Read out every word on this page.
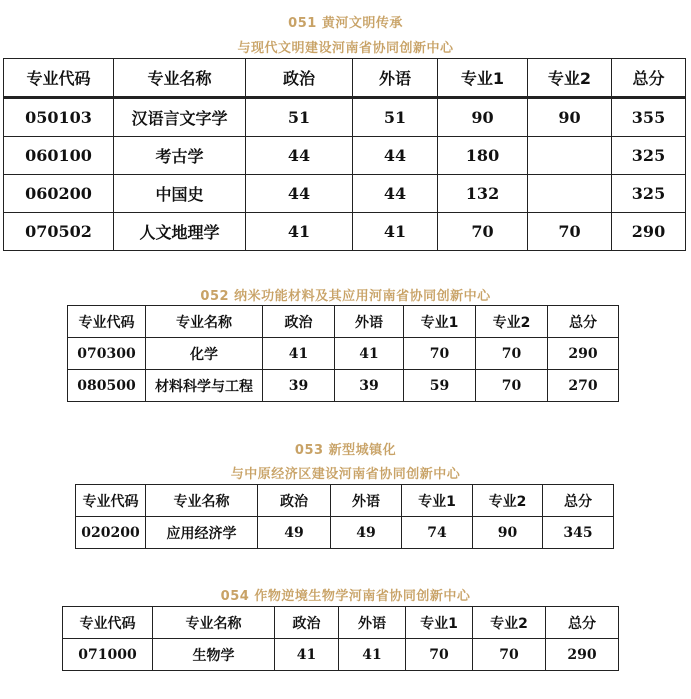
051 黄河文明传承
与现代文明建设河南省协同创新中心
专业代码	专业名称	政治	外语	专业1	专业2	总分
050103	汉语言文字学	51	51	90	90	355
060100	考古学	44	44	180		325
060200	中国史	44	44	132		325
070502	人文地理学	41	41	70	70	290
052 纳米功能材料及其应用河南省协同创新中心
专业代码	专业名称	政治	外语	专业1	专业2	总分
070300	化学	41	41	70	70	290
080500	材料科学与工程	39	39	59	70	270
053 新型城镇化
与中原经济区建设河南省协同创新中心
专业代码	专业名称	政治	外语	专业1	专业2	总分
020200	应用经济学	49	49	74	90	345
054 作物逆境生物学河南省协同创新中心
专业代码	专业名称	政治	外语	专业1	专业2	总分
071000	生物学	41	41	70	70	290
